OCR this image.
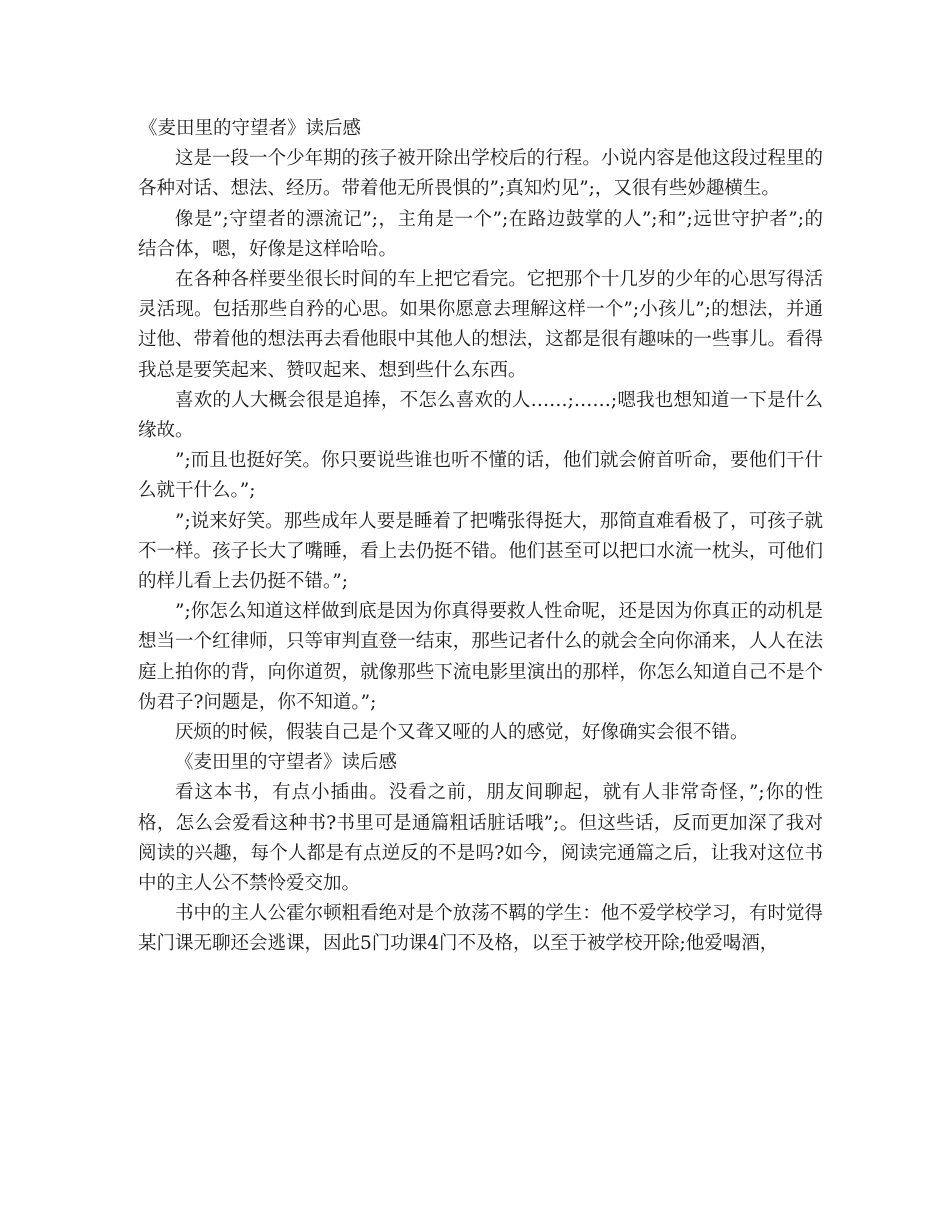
《麦田里的守望者》读后感

这是一段一个少年期的孩子被开除出学校后的行程。小说内容是他这段过程里的各种对话、想法、经历。带着他无所畏惧的”;真知灼见”;，又很有些妙趣横生。

像是”;守望者的漂流记”;，主角是一个”;在路边鼓掌的人”;和”;远世守护者”;的结合体，嗯，好像是这样哈哈。

在各种各样要坐很长时间的车上把它看完。它把那个十几岁的少年的心思写得活灵活现。包括那些自矜的心思。如果你愿意去理解这样一个”;小孩儿”;的想法，并通过他、带着他的想法再去看他眼中其他人的想法，这都是很有趣味的一些事儿。看得我总是要笑起来、赞叹起来、想到些什么东西。

喜欢的人大概会很是追捧，不怎么喜欢的人……;……;嗯我也想知道一下是什么缘故。

”;而且也挺好笑。你只要说些谁也听不懂的话，他们就会俯首听命，要他们干什么就干什么。”;

”;说来好笑。那些成年人要是睡着了把嘴张得挺大，那简直难看极了，可孩子就不一样。孩子长大了嘴睡，看上去仍挺不错。他们甚至可以把口水流一枕头，可他们的样儿看上去仍挺不错。”;

”;你怎么知道这样做到底是因为你真得要救人性命呢，还是因为你真正的动机是想当一个红律师，只等审判直登一结束，那些记者什么的就会全向你涌来，人人在法庭上拍你的背，向你道贺，就像那些下流电影里演出的那样，你怎么知道自己不是个伪君子?问题是，你不知道。”;

厌烦的时候，假装自己是个又聋又哑的人的感觉，好像确实会很不错。

《麦田里的守望者》读后感

看这本书，有点小插曲。没看之前，朋友间聊起，就有人非常奇怪，”;你的性格，怎么会爱看这种书?书里可是通篇粗话脏话哦”;。但这些话，反而更加深了我对阅读的兴趣，每个人都是有点逆反的不是吗?如今，阅读完通篇之后，让我对这位书中的主人公不禁怜爱交加。

书中的主人公霍尔顿粗看绝对是个放荡不羁的学生：他不爱学校学习，有时觉得某门课无聊还会逃课，因此5门功课4门不及格，以至于被学校开除;他爱喝酒，
